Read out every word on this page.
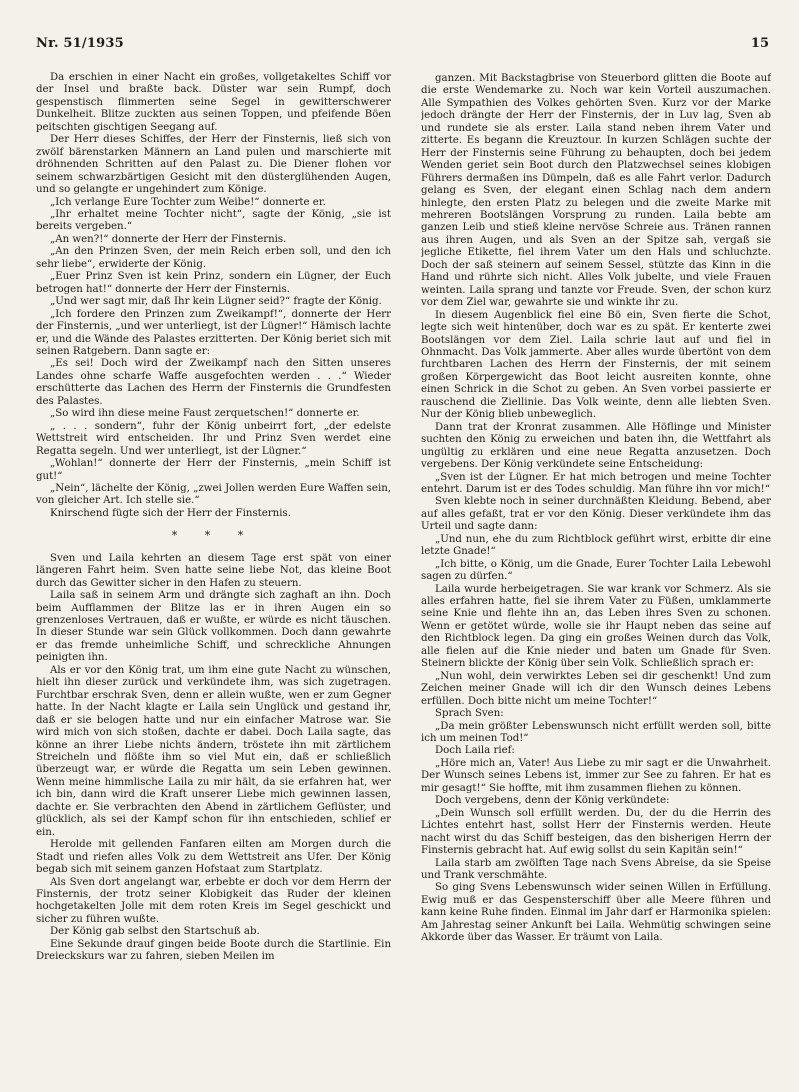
Nr. 51/1935	15

Da erschien in einer Nacht ein großes, vollgetakeltes Schiff vor der Insel und braßte back. Düster war sein Rumpf, doch gespenstisch flimmerten seine Segel in gewitterschwerer Dunkelheit. Blitze zuckten aus seinen Toppen, und pfeifende Böen peitschten gischtigen Seegang auf.

Der Herr dieses Schiffes, der Herr der Finsternis, ließ sich von zwölf bärenstarken Männern an Land pulen und marschierte mit dröhnenden Schritten auf den Palast zu. Die Diener flohen vor seinem schwarzbärtigen Gesicht mit den düsterglühenden Augen, und so gelangte er ungehindert zum Könige.

„Ich verlange Eure Tochter zum Weibe!“ donnerte er.

„Ihr erhaltet meine Tochter nicht“, sagte der König, „sie ist bereits vergeben.“

„An wen?!“ donnerte der Herr der Finsternis.

„An den Prinzen Sven, der mein Reich erben soll, und den ich sehr liebe“, erwiderte der König.

„Euer Prinz Sven ist kein Prinz, sondern ein Lügner, der Euch betrogen hat!“ donnerte der Herr der Finsternis.

„Und wer sagt mir, daß Ihr kein Lügner seid?“ fragte der König.

„Ich fordere den Prinzen zum Zweikampf!“, donnerte der Herr der Finsternis, „und wer unterliegt, ist der Lügner!“ Hämisch lachte er, und die Wände des Palastes erzitterten. Der König beriet sich mit seinen Ratgebern. Dann sagte er:

„Es sei! Doch wird der Zweikampf nach den Sitten unseres Landes ohne scharfe Waffe ausgefochten werden . . .“ Wieder erschütterte das Lachen des Herrn der Finsternis die Grundfesten des Palastes.

„So wird ihn diese meine Faust zerquetschen!“ donnerte er.

„ . . . sondern“, fuhr der König unbeirrt fort, „der edelste Wettstreit wird entscheiden. Ihr und Prinz Sven werdet eine Regatta segeln. Und wer unterliegt, ist der Lügner.“

„Wohlan!“ donnerte der Herr der Finsternis, „mein Schiff ist gut!“

„Nein“, lächelte der König, „zwei Jollen werden Eure Waffen sein, von gleicher Art. Ich stelle sie.“

Knirschend fügte sich der Herr der Finsternis.

* * *

Sven und Laila kehrten an diesem Tage erst spät von einer längeren Fahrt heim. Sven hatte seine liebe Not, das kleine Boot durch das Gewitter sicher in den Hafen zu steuern.

Laila saß in seinem Arm und drängte sich zaghaft an ihn. Doch beim Aufflammen der Blitze las er in ihren Augen ein so grenzenloses Vertrauen, daß er wußte, er würde es nicht täuschen. In dieser Stunde war sein Glück vollkommen. Doch dann gewahrte er das fremde unheimliche Schiff, und schreckliche Ahnungen peinigten ihn.

Als er vor den König trat, um ihm eine gute Nacht zu wünschen, hielt ihn dieser zurück und verkündete ihm, was sich zugetragen. Furchtbar erschrak Sven, denn er allein wußte, wen er zum Gegner hatte. In der Nacht klagte er Laila sein Unglück und gestand ihr, daß er sie belogen hatte und nur ein einfacher Matrose war. Sie wird mich von sich stoßen, dachte er dabei. Doch Laila sagte, das könne an ihrer Liebe nichts ändern, tröstete ihn mit zärtlichem Streicheln und flößte ihm so viel Mut ein, daß er schließlich überzeugt war, er würde die Regatta um sein Leben gewinnen. Wenn meine himmlische Laila zu mir hält, da sie erfahren hat, wer ich bin, dann wird die Kraft unserer Liebe mich gewinnen lassen, dachte er. Sie verbrachten den Abend in zärtlichem Geflüster, und glücklich, als sei der Kampf schon für ihn entschieden, schlief er ein.

Herolde mit gellenden Fanfaren eilten am Morgen durch die Stadt und riefen alles Volk zu dem Wettstreit ans Ufer. Der König begab sich mit seinem ganzen Hofstaat zum Startplatz.

Als Sven dort angelangt war, erbebte er doch vor dem Herrn der Finsternis, der trotz seiner Klobigkeit das Ruder der kleinen hochgetakelten Jolle mit dem roten Kreis im Segel geschickt und sicher zu führen wußte.

Der König gab selbst den Startschuß ab.

Eine Sekunde drauf gingen beide Boote durch die Startlinie. Ein Dreieckskurs war zu fahren, sieben Meilen im

ganzen. Mit Backstagbrise von Steuerbord glitten die Boote auf die erste Wendemarke zu. Noch war kein Vorteil auszumachen. Alle Sympathien des Volkes gehörten Sven. Kurz vor der Marke jedoch drängte der Herr der Finsternis, der in Luv lag, Sven ab und rundete sie als erster. Laila stand neben ihrem Vater und zitterte. Es begann die Kreuztour. In kurzen Schlägen suchte der Herr der Finsternis seine Führung zu behaupten, doch bei jedem Wenden geriet sein Boot durch den Platzwechsel seines klobigen Führers dermaßen ins Dümpeln, daß es alle Fahrt verlor. Dadurch gelang es Sven, der elegant einen Schlag nach dem andern hinlegte, den ersten Platz zu belegen und die zweite Marke mit mehreren Bootslängen Vorsprung zu runden. Laila bebte am ganzen Leib und stieß kleine nervöse Schreie aus. Tränen rannen aus ihren Augen, und als Sven an der Spitze sah, vergaß sie jegliche Etikette, fiel ihrem Vater um den Hals und schluchzte. Doch der saß steinern auf seinem Sessel, stützte das Kinn in die Hand und rührte sich nicht. Alles Volk jubelte, und viele Frauen weinten. Laila sprang und tanzte vor Freude. Sven, der schon kurz vor dem Ziel war, gewahrte sie und winkte ihr zu.

In diesem Augenblick fiel eine Bö ein, Sven fierte die Schot, legte sich weit hintenüber, doch war es zu spät. Er kenterte zwei Bootslängen vor dem Ziel. Laila schrie laut auf und fiel in Ohnmacht. Das Volk jammerte. Aber alles wurde übertönt von dem furchtbaren Lachen des Herrn der Finsternis, der mit seinem großen Körpergewicht das Boot leicht ausreiten konnte, ohne einen Schrick in die Schot zu geben. An Sven vorbei passierte er rauschend die Ziellinie. Das Volk weinte, denn alle liebten Sven. Nur der König blieb unbeweglich.

Dann trat der Kronrat zusammen. Alle Höflinge und Minister suchten den König zu erweichen und baten ihn, die Wettfahrt als ungültig zu erklären und eine neue Regatta anzusetzen. Doch vergebens. Der König verkündete seine Entscheidung:

„Sven ist der Lügner. Er hat mich betrogen und meine Tochter entehrt. Darum ist er des Todes schuldig. Man führe ihn vor mich!“

Sven klebte noch in seiner durchnäßten Kleidung. Bebend, aber auf alles gefaßt, trat er vor den König. Dieser verkündete ihm das Urteil und sagte dann:

„Und nun, ehe du zum Richtblock geführt wirst, erbitte dir eine letzte Gnade!“

„Ich bitte, o König, um die Gnade, Eurer Tochter Laila Lebewohl sagen zu dürfen.“

Laila wurde herbeigetragen. Sie war krank vor Schmerz. Als sie alles erfahren hatte, fiel sie ihrem Vater zu Füßen, umklammerte seine Knie und flehte ihn an, das Leben ihres Sven zu schonen. Wenn er getötet würde, wolle sie ihr Haupt neben das seine auf den Richtblock legen. Da ging ein großes Weinen durch das Volk, alle fielen auf die Knie nieder und baten um Gnade für Sven. Steinern blickte der König über sein Volk. Schließlich sprach er:

„Nun wohl, dein verwirktes Leben sei dir geschenkt! Und zum Zeichen meiner Gnade will ich dir den Wunsch deines Lebens erfüllen. Doch bitte nicht um meine Tochter!“

Sprach Sven:

„Da mein größter Lebenswunsch nicht erfüllt werden soll, bitte ich um meinen Tod!“

Doch Laila rief:

„Höre mich an, Vater! Aus Liebe zu mir sagt er die Unwahrheit. Der Wunsch seines Lebens ist, immer zur See zu fahren. Er hat es mir gesagt!“ Sie hoffte, mit ihm zusammen fliehen zu können.

Doch vergebens, denn der König verkündete:

„Dein Wunsch soll erfüllt werden. Du, der du die Herrin des Lichtes entehrt hast, sollst Herr der Finsternis werden. Heute nacht wirst du das Schiff besteigen, das den bisherigen Herrn der Finsternis gebracht hat. Auf ewig sollst du sein Kapitän sein!“

Laila starb am zwölften Tage nach Svens Abreise, da sie Speise und Trank verschmähte.

So ging Svens Lebenswunsch wider seinen Willen in Erfüllung. Ewig muß er das Gespensterschiff über alle Meere führen und kann keine Ruhe finden. Einmal im Jahr darf er Harmonika spielen: Am Jahrestag seiner Ankunft bei Laila. Wehmütig schwingen seine Akkorde über das Wasser. Er träumt von Laila.
